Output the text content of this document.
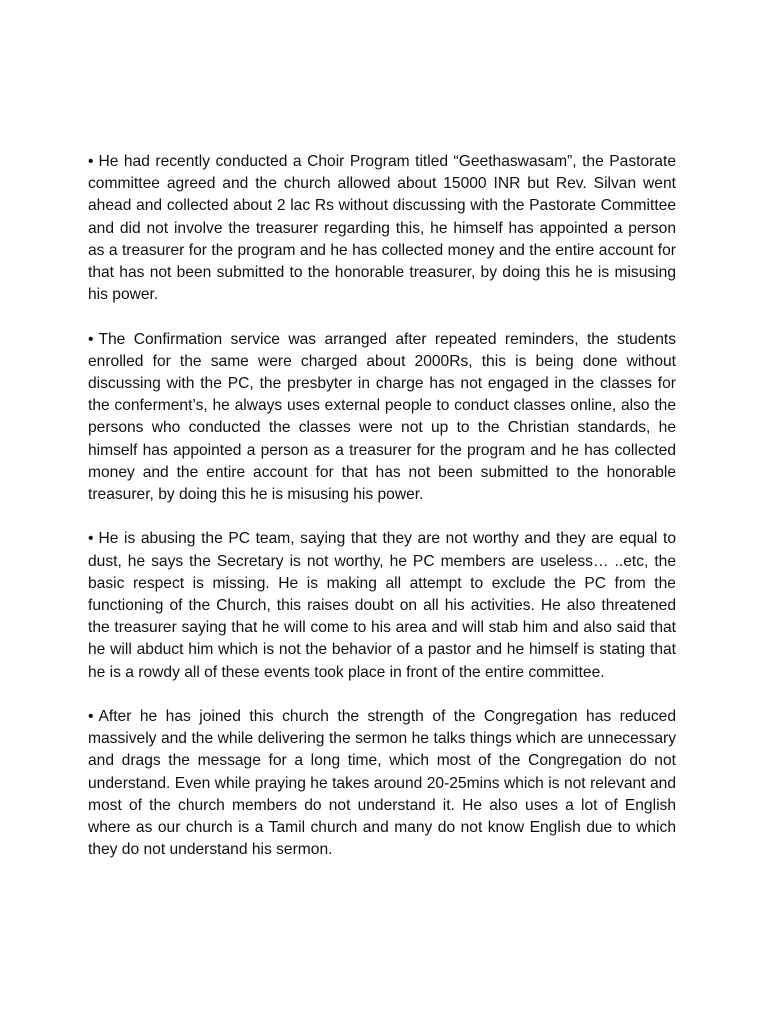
• He had recently conducted a Choir Program titled “Geethaswasam”, the Pastorate committee agreed and the church allowed about 15000 INR but Rev. Silvan went ahead and collected about 2 lac Rs without discussing with the Pastorate Committee and did not involve the treasurer regarding this, he himself has appointed a person as a treasurer for the program and he has collected money and the entire account for that has not been submitted to the honorable treasurer, by doing this he is misusing his power.

• The Confirmation service was arranged after repeated reminders, the students enrolled for the same were charged about 2000Rs, this is being done without discussing with the PC, the presbyter in charge has not engaged in the classes for the conferment’s, he always uses external people to conduct classes online, also the persons who conducted the classes were not up to the Christian standards, he himself has appointed a person as a treasurer for the program and he has collected money and the entire account for that has not been submitted to the honorable treasurer, by doing this he is misusing his power.

• He is abusing the PC team, saying that they are not worthy and they are equal to dust, he says the Secretary is not worthy, he PC members are useless… ..etc, the basic respect is missing. He is making all attempt to exclude the PC from the functioning of the Church, this raises doubt on all his activities. He also threatened the treasurer saying that he will come to his area and will stab him and also said that he will abduct him which is not the behavior of a pastor and he himself is stating that he is a rowdy all of these events took place in front of the entire committee.

• After he has joined this church the strength of the Congregation has reduced massively and the while delivering the sermon he talks things which are unnecessary and drags the message for a long time, which most of the Congregation do not understand. Even while praying he takes around 20-25mins which is not relevant and most of the church members do not understand it. He also uses a lot of English where as our church is a Tamil church and many do not know English due to which they do not understand his sermon.
